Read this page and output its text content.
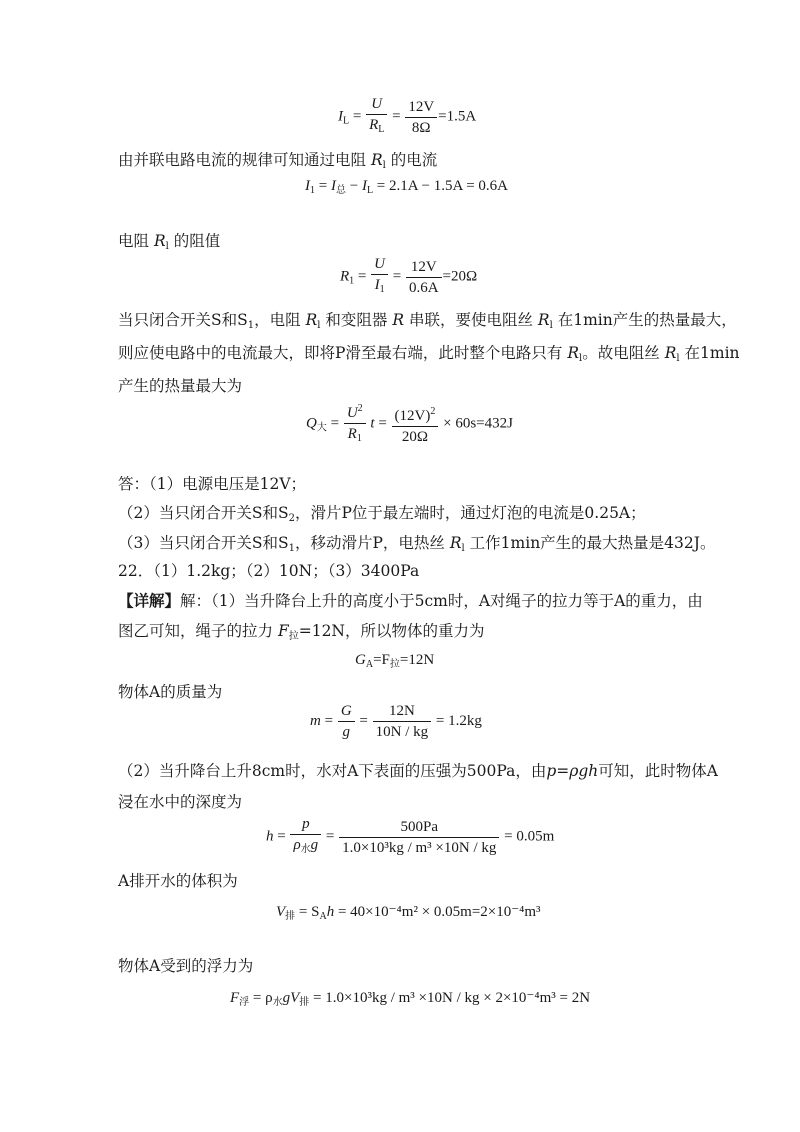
$I_L = \frac{U}{R_L} = \frac{12V}{8\Omega} =1.5A$
由并联电路电流的规律可知通过电阻 $R_l$ 的电流
$I_1 = I_总 - I_L = 2.1A - 1.5A = 0.6A$
电阻 $R_l$ 的阻值
$R_1 = \frac{U}{I_1} = \frac{12V}{0.6A} =20\Omega$
当只闭合开关S和$S_1$，电阻 $R_l$ 和变阻器 R 串联，要使电阻丝 $R_l$ 在1min产生的热量最大，
则应使电路中的电流最大，即将P滑至最右端，此时整个电路只有 $R_l$。故电阻丝 $R_l$ 在1min
产生的热量最大为
$Q_大 = \frac{U^2}{R_1}$ $t = \frac{(12V)^2}{20\Omega} \times 60s=432J$
答：（1）电源电压是12V；
（2）当只闭合开关S和$S_2$，滑片P位于最左端时，通过灯泡的电流是0.25A；
（3）当只闭合开关S和$S_1$，移动滑片P，电热丝 $R_l$ 工作1min产生的最大热量是432J。
22．（1）1.2kg；（2）10N；（3）3400Pa
【详解】解：（1）当升降台上升的高度小于5cm时，A对绳子的拉力等于A的重力，由
图乙可知，绳子的拉力 $F_拉=12N$，所以物体的重力为
$G_A=F_拉=12N$
物体A的质量为
$m = \frac{G}{g} = \frac{12N}{10N / kg} = 1.2kg$
（2）当升降台上升8cm时，水对A下表面的压强为500Pa，由p=ρgh可知，此时物体A
浸在水中的深度为
$h = \frac{p}{\rho_水g} = \frac{500Pa}{\text{1.0×10³kg / m³ ×10N / kg}} = 0.05m$
A排开水的体积为
$V_排 = S_Ah = 40\times 10^{-4}m^2 \times 0.05m=2\times 10^{-4}m^3$
物体A受到的浮力为
$F_浮 = \rho_水gV_排 = 1.0\times 10^3kg / m^3 \times 10N$ / kg × 2×10⁻⁴m³ = 2N
